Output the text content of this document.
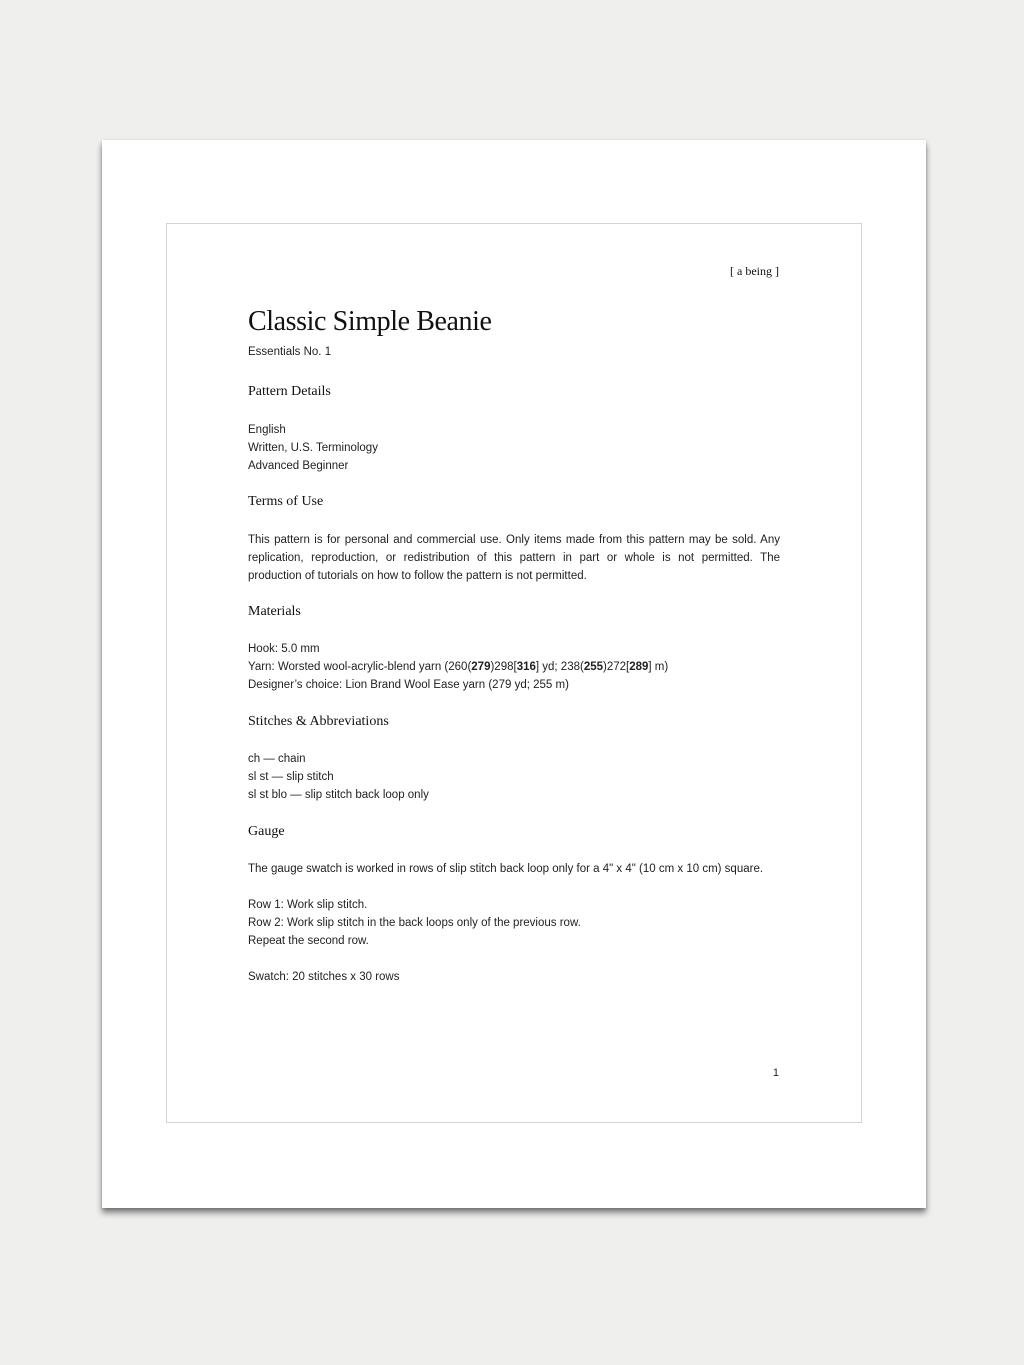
[ a being ]
Classic Simple Beanie
Essentials No. 1
Pattern Details
English
Written, U.S. Terminology
Advanced Beginner
Terms of Use
This pattern is for personal and commercial use. Only items made from this pattern may be sold. Any
replication, reproduction, or redistribution of this pattern in part or whole is not permitted. The
production of tutorials on how to follow the pattern is not permitted.
Materials
Hook: 5.0 mm
Yarn: Worsted wool-acrylic-blend yarn (260(279)298[316] yd; 238(255)272[289] m)
Designer’s choice: Lion Brand Wool Ease yarn (279 yd; 255 m)
Stitches & Abbreviations
ch — chain
sl st — slip stitch
sl st blo — slip stitch back loop only
Gauge
The gauge swatch is worked in rows of slip stitch back loop only for a 4" x 4" (10 cm x 10 cm) square.
Row 1: Work slip stitch.
Row 2: Work slip stitch in the back loops only of the previous row.
Repeat the second row.
Swatch: 20 stitches x 30 rows
1
